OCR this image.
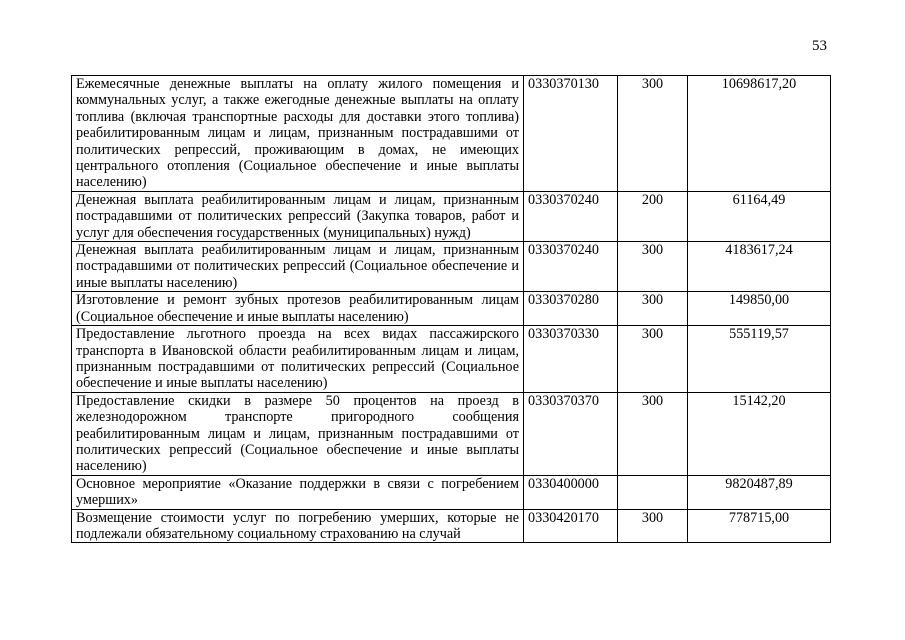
53
Ежемесячные денежные выплаты на оплату жилого помещения и коммунальных услуг, а также ежегодные денежные выплаты на оплату топлива (включая транспортные расходы для доставки этого топлива) реабилитированным лицам и лицам, признанным пострадавшими от политических репрессий, проживающим в домах, не имеющих центрального отопления (Социальное обеспечение и иные выплаты населению)	0330370130	300	10698617,20
Денежная выплата реабилитированным лицам и лицам, признанным пострадавшими от политических репрессий (Закупка товаров, работ и услуг для обеспечения государственных (муниципальных) нужд)	0330370240	200	61164,49
Денежная выплата реабилитированным лицам и лицам, признанным пострадавшими от политических репрессий (Социальное обеспечение и иные выплаты населению)	0330370240	300	4183617,24
Изготовление и ремонт зубных протезов реабилитированным лицам (Социальное обеспечение и иные выплаты населению)	0330370280	300	149850,00
Предоставление льготного проезда на всех видах пассажирского транспорта в Ивановской области реабилитированным лицам и лицам, признанным пострадавшими от политических репрессий (Социальное обеспечение и иные выплаты населению)	0330370330	300	555119,57
Предоставление скидки в размере 50 процентов на проезд в железнодорожном транспорте пригородного сообщения реабилитированным лицам и лицам, признанным пострадавшими от политических репрессий (Социальное обеспечение и иные выплаты населению)	0330370370	300	15142,20
Основное мероприятие «Оказание поддержки в связи с погребением умерших»	0330400000		9820487,89
Возмещение стоимости услуг по погребению умерших, которые не подлежали обязательному социальному страхованию на случай	0330420170	300	778715,00
